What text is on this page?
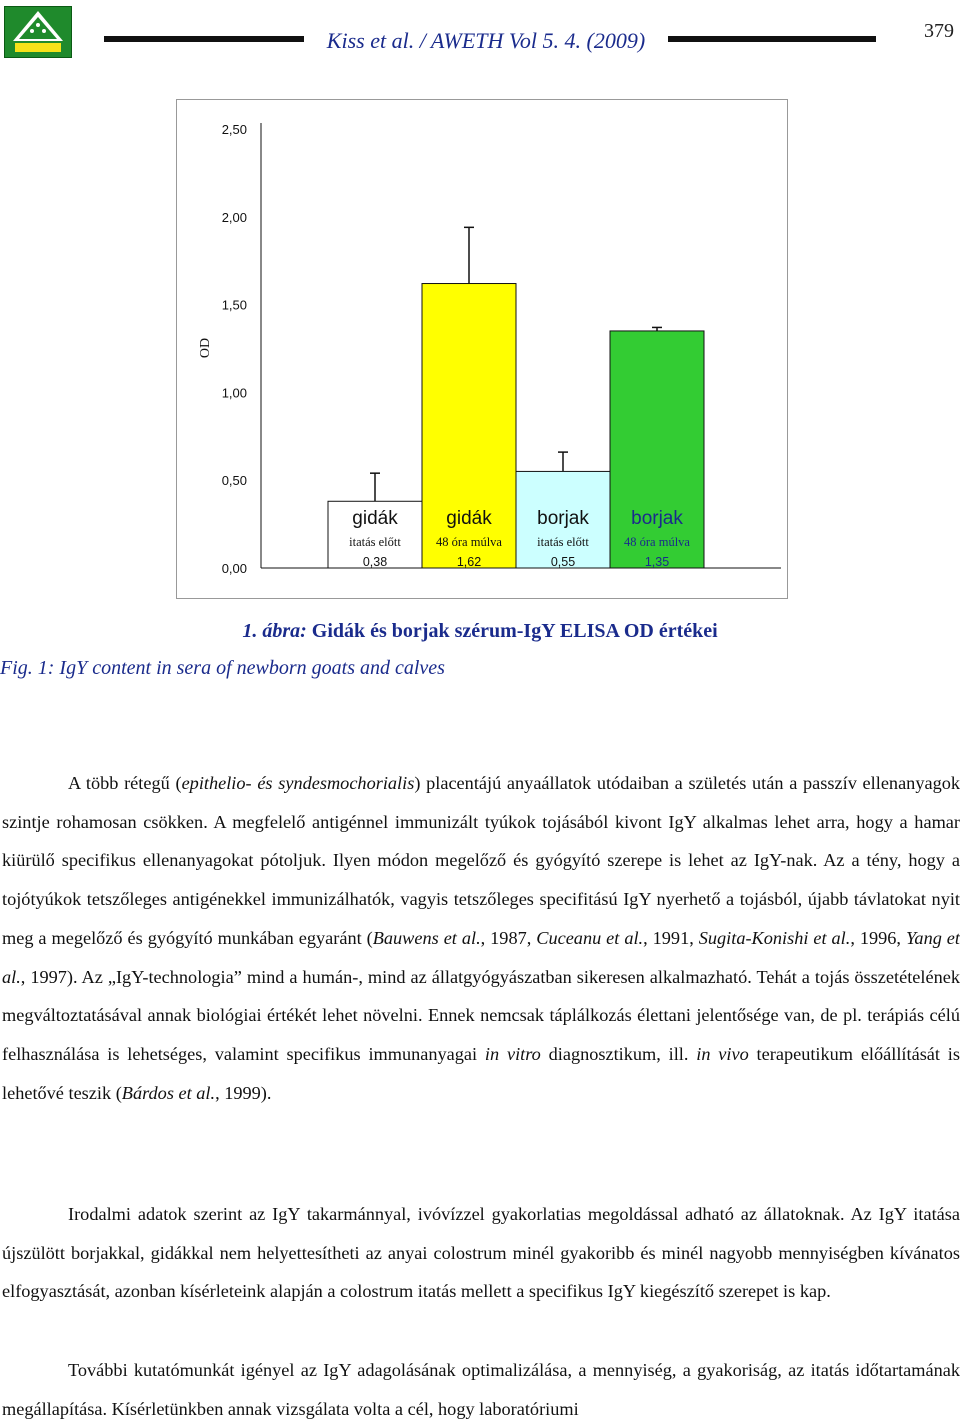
Kiss et al. / AWETH Vol 5. 4. (2009)	379
0,00
0,50
1,00
1,50
2,00
2,50
OD
gidák
itatás előtt
0,38
gidák
48 óra múlva
1,62
borjak
itatás előtt
0,55
borjak
48 óra múlva
1,35
1. ábra: Gidák és borjak szérum-IgY ELISA OD értékei
Fig. 1: IgY content in sera of newborn goats and calves

A több rétegű (epithelio- és syndesmochorialis) placentájú anyaállatok utódaiban a születés után a passzív ellenanyagok szintje rohamosan csökken. A megfelelő antigénnel immunizált tyúkok tojásából kivont IgY alkalmas lehet arra, hogy a hamar kiürülő specifikus ellenanyagokat pótoljuk. Ilyen módon megelőző és gyógyító szerepe is lehet az IgY-nak. Az a tény, hogy a tojótyúkok tetszőleges antigénekkel immunizálhatók, vagyis tetszőleges specifitású IgY nyerhető a tojásból, újabb távlatokat nyit meg a megelőző és gyógyító munkában egyaránt (Bauwens et al., 1987, Cuceanu et al., 1991, Sugita-Konishi et al., 1996, Yang et al., 1997). Az „IgY-technologia” mind a humán-, mind az állatgyógyászatban sikeresen alkalmazható. Tehát a tojás összetételének megváltoztatásával annak biológiai értékét lehet növelni. Ennek nemcsak táplálkozás élettani jelentősége van, de pl. terápiás célú felhasználása is lehetséges, valamint specifikus immunanyagai in vitro diagnosztikum, ill. in vivo terapeutikum előállítását is lehetővé teszik (Bárdos et al., 1999).

Irodalmi adatok szerint az IgY takarmánnyal, ivóvízzel gyakorlatias megoldással adható az állatoknak. Az IgY itatása újszülött borjakkal, gidákkal nem helyettesítheti az anyai colostrum minél gyakoribb és minél nagyobb mennyiségben kívánatos elfogyasztását, azonban kísérleteink alapján a colostrum itatás mellett a specifikus IgY kiegészítő szerepet is kap.

További kutatómunkát igényel az IgY adagolásának optimalizálása, a mennyiség, a gyakoriság, az itatás időtartamának megállapítása. Kísérletünkben annak vizsgálata volta a cél, hogy laboratóriumi
